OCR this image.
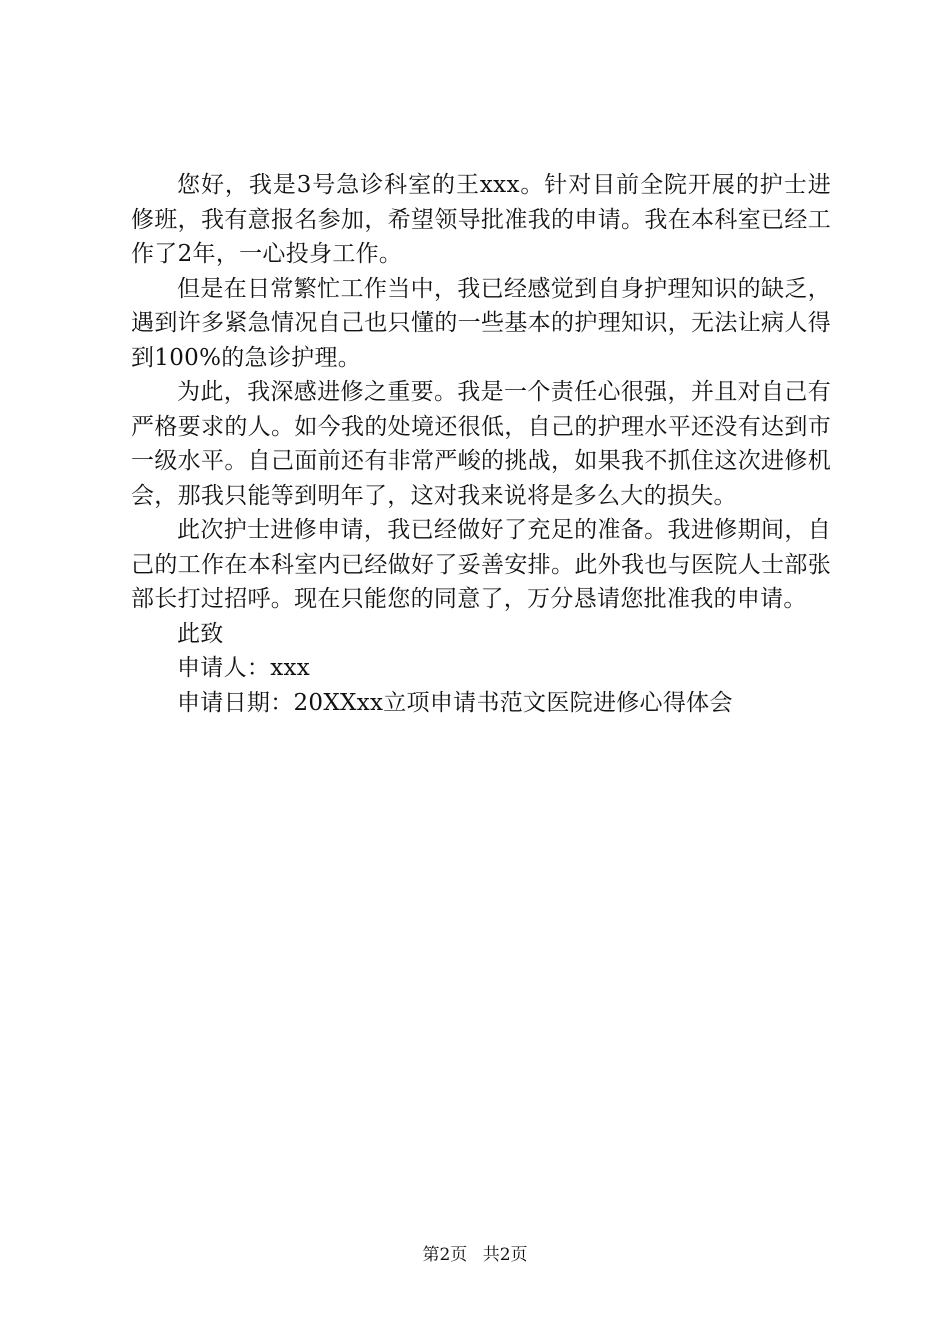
您好，我是3号急诊科室的王xxx。针对目前全院开展的护士进修班，我有意报名参加，希望领导批准我的申请。我在本科室已经工作了2年，一心投身工作。

但是在日常繁忙工作当中，我已经感觉到自身护理知识的缺乏，遇到许多紧急情况自己也只懂的一些基本的护理知识，无法让病人得到100%的急诊护理。

为此，我深感进修之重要。我是一个责任心很强，并且对自己有严格要求的人。如今我的处境还很低，自己的护理水平还没有达到市一级水平。自己面前还有非常严峻的挑战，如果我不抓住这次进修机会，那我只能等到明年了，这对我来说将是多么大的损失。

此次护士进修申请，我已经做好了充足的准备。我进修期间，自己的工作在本科室内已经做好了妥善安排。此外我也与医院人士部张部长打过招呼。现在只能您的同意了，万分恳请您批准我的申请。

此致

申请人：xxx

申请日期：20XXxx立项申请书范文医院进修心得体会

第2页 共2页
